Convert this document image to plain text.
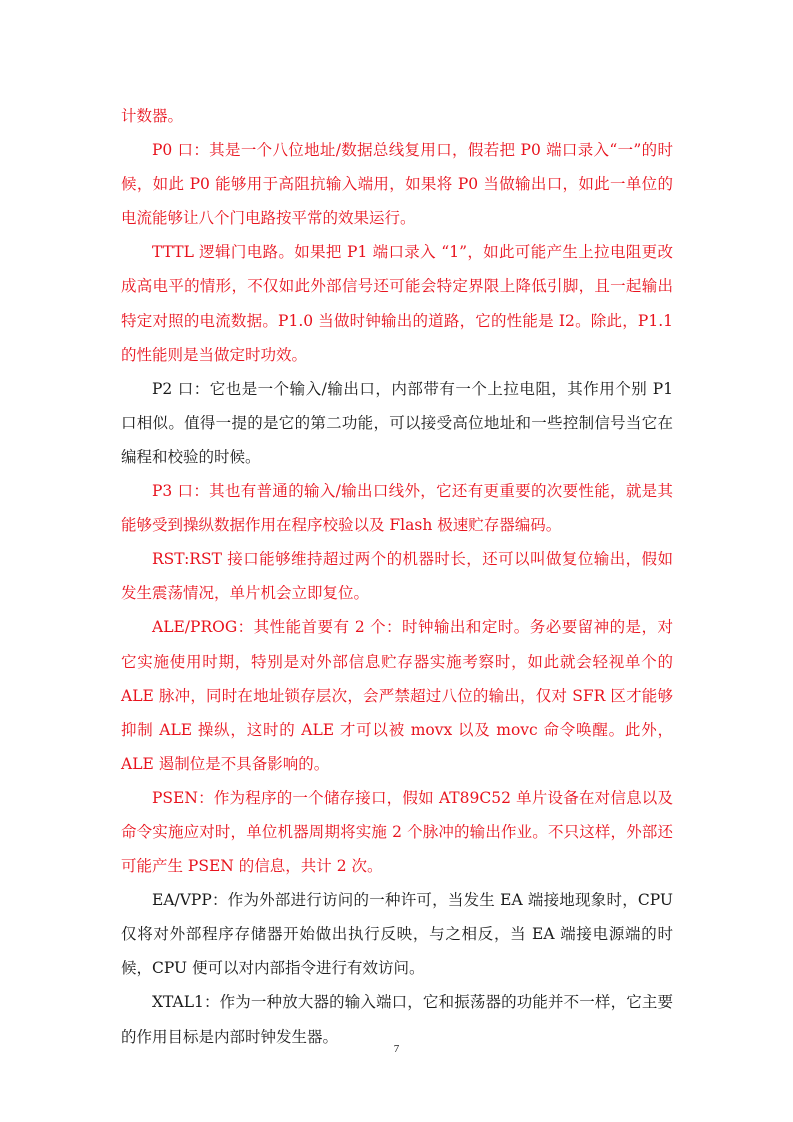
计数器。

P0 口：其是一个八位地址/数据总线复用口，假若把 P0 端口录入“一”的时候，如此 P0 能够用于高阻抗输入端用，如果将 P0 当做输出口，如此一单位的电流能够让八个门电路按平常的效果运行。

TTTL 逻辑门电路。如果把 P1 端口录入 “1”，如此可能产生上拉电阻更改成高电平的情形，不仅如此外部信号还可能会特定界限上降低引脚，且一起输出特定对照的电流数据。P1.0 当做时钟输出的道路，它的性能是 I2。除此，P1.1 的性能则是当做定时功效。

P2 口：它也是一个输入/输出口，内部带有一个上拉电阻，其作用个别 P1 口相似。值得一提的是它的第二功能，可以接受高位地址和一些控制信号当它在编程和校验的时候。

P3 口：其也有普通的输入/输出口线外，它还有更重要的次要性能，就是其能够受到操纵数据作用在程序校验以及 Flash 极速贮存器编码。

RST:RST 接口能够维持超过两个的机器时长，还可以叫做复位输出，假如发生震荡情况，单片机会立即复位。

ALE/PROG：其性能首要有 2 个：时钟输出和定时。务必要留神的是，对它实施使用时期，特别是对外部信息贮存器实施考察时，如此就会轻视单个的 ALE 脉冲，同时在地址锁存层次，会严禁超过八位的输出，仅对 SFR 区才能够抑制 ALE 操纵，这时的 ALE 才可以被 movx 以及 movc 命令唤醒。此外，ALE 遏制位是不具备影响的。

PSEN：作为程序的一个储存接口，假如 AT89C52 单片设备在对信息以及命令实施应对时，单位机器周期将实施 2 个脉冲的输出作业。不只这样，外部还可能产生 PSEN 的信息，共计 2 次。

EA/VPP：作为外部进行访问的一种许可，当发生 EA 端接地现象时，CPU 仅将对外部程序存储器开始做出执行反映，与之相反，当 EA 端接电源端的时候，CPU 便可以对内部指令进行有效访问。

XTAL1：作为一种放大器的输入端口，它和振荡器的功能并不一样，它主要的作用目标是内部时钟发生器。

7
